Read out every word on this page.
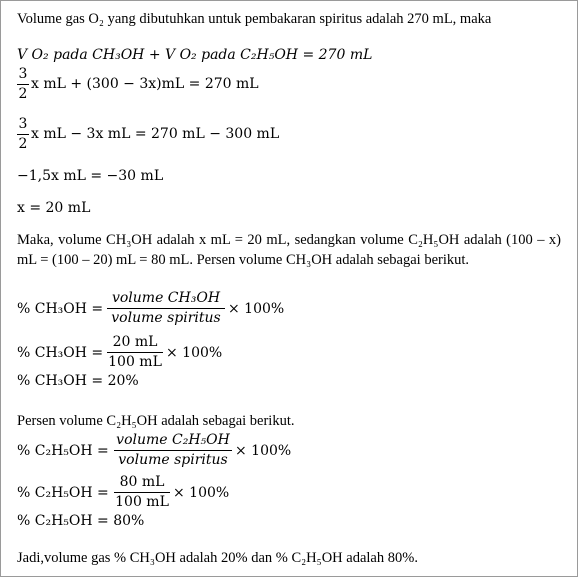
Volume gas O₂ yang dibutuhkan untuk pembakaran spiritus adalah 270 mL, maka
V O₂ pada CH₃OH + V O₂ pada C₂H₅OH = 270 mL
3
2
x mL + (300 − 3x)mL = 270 mL
3
2
x mL − 3x mL = 270 mL − 300 mL
−1,5x mL = −30 mL
x = 20 mL
Maka, volume CH₃OH adalah x mL = 20 mL, sedangkan volume C₂H₅OH adalah (100 – x) mL = (100 – 20) mL = 80 mL. Persen volume CH₃OH adalah sebagai berikut.
% CH₃OH =
volume CH₃OH
volume spiritus
× 100%
% CH₃OH =
20 mL
100 mL
× 100%
% CH₃OH = 20%
Persen volume C₂H₅OH adalah sebagai berikut.
% C₂H₅OH =
volume C₂H₅OH
volume spiritus
× 100%
% C₂H₅OH =
80 mL
100 mL
× 100%
% C₂H₅OH = 80%
Jadi,volume gas % CH₃OH adalah 20% dan % C₂H₅OH adalah 80%.
